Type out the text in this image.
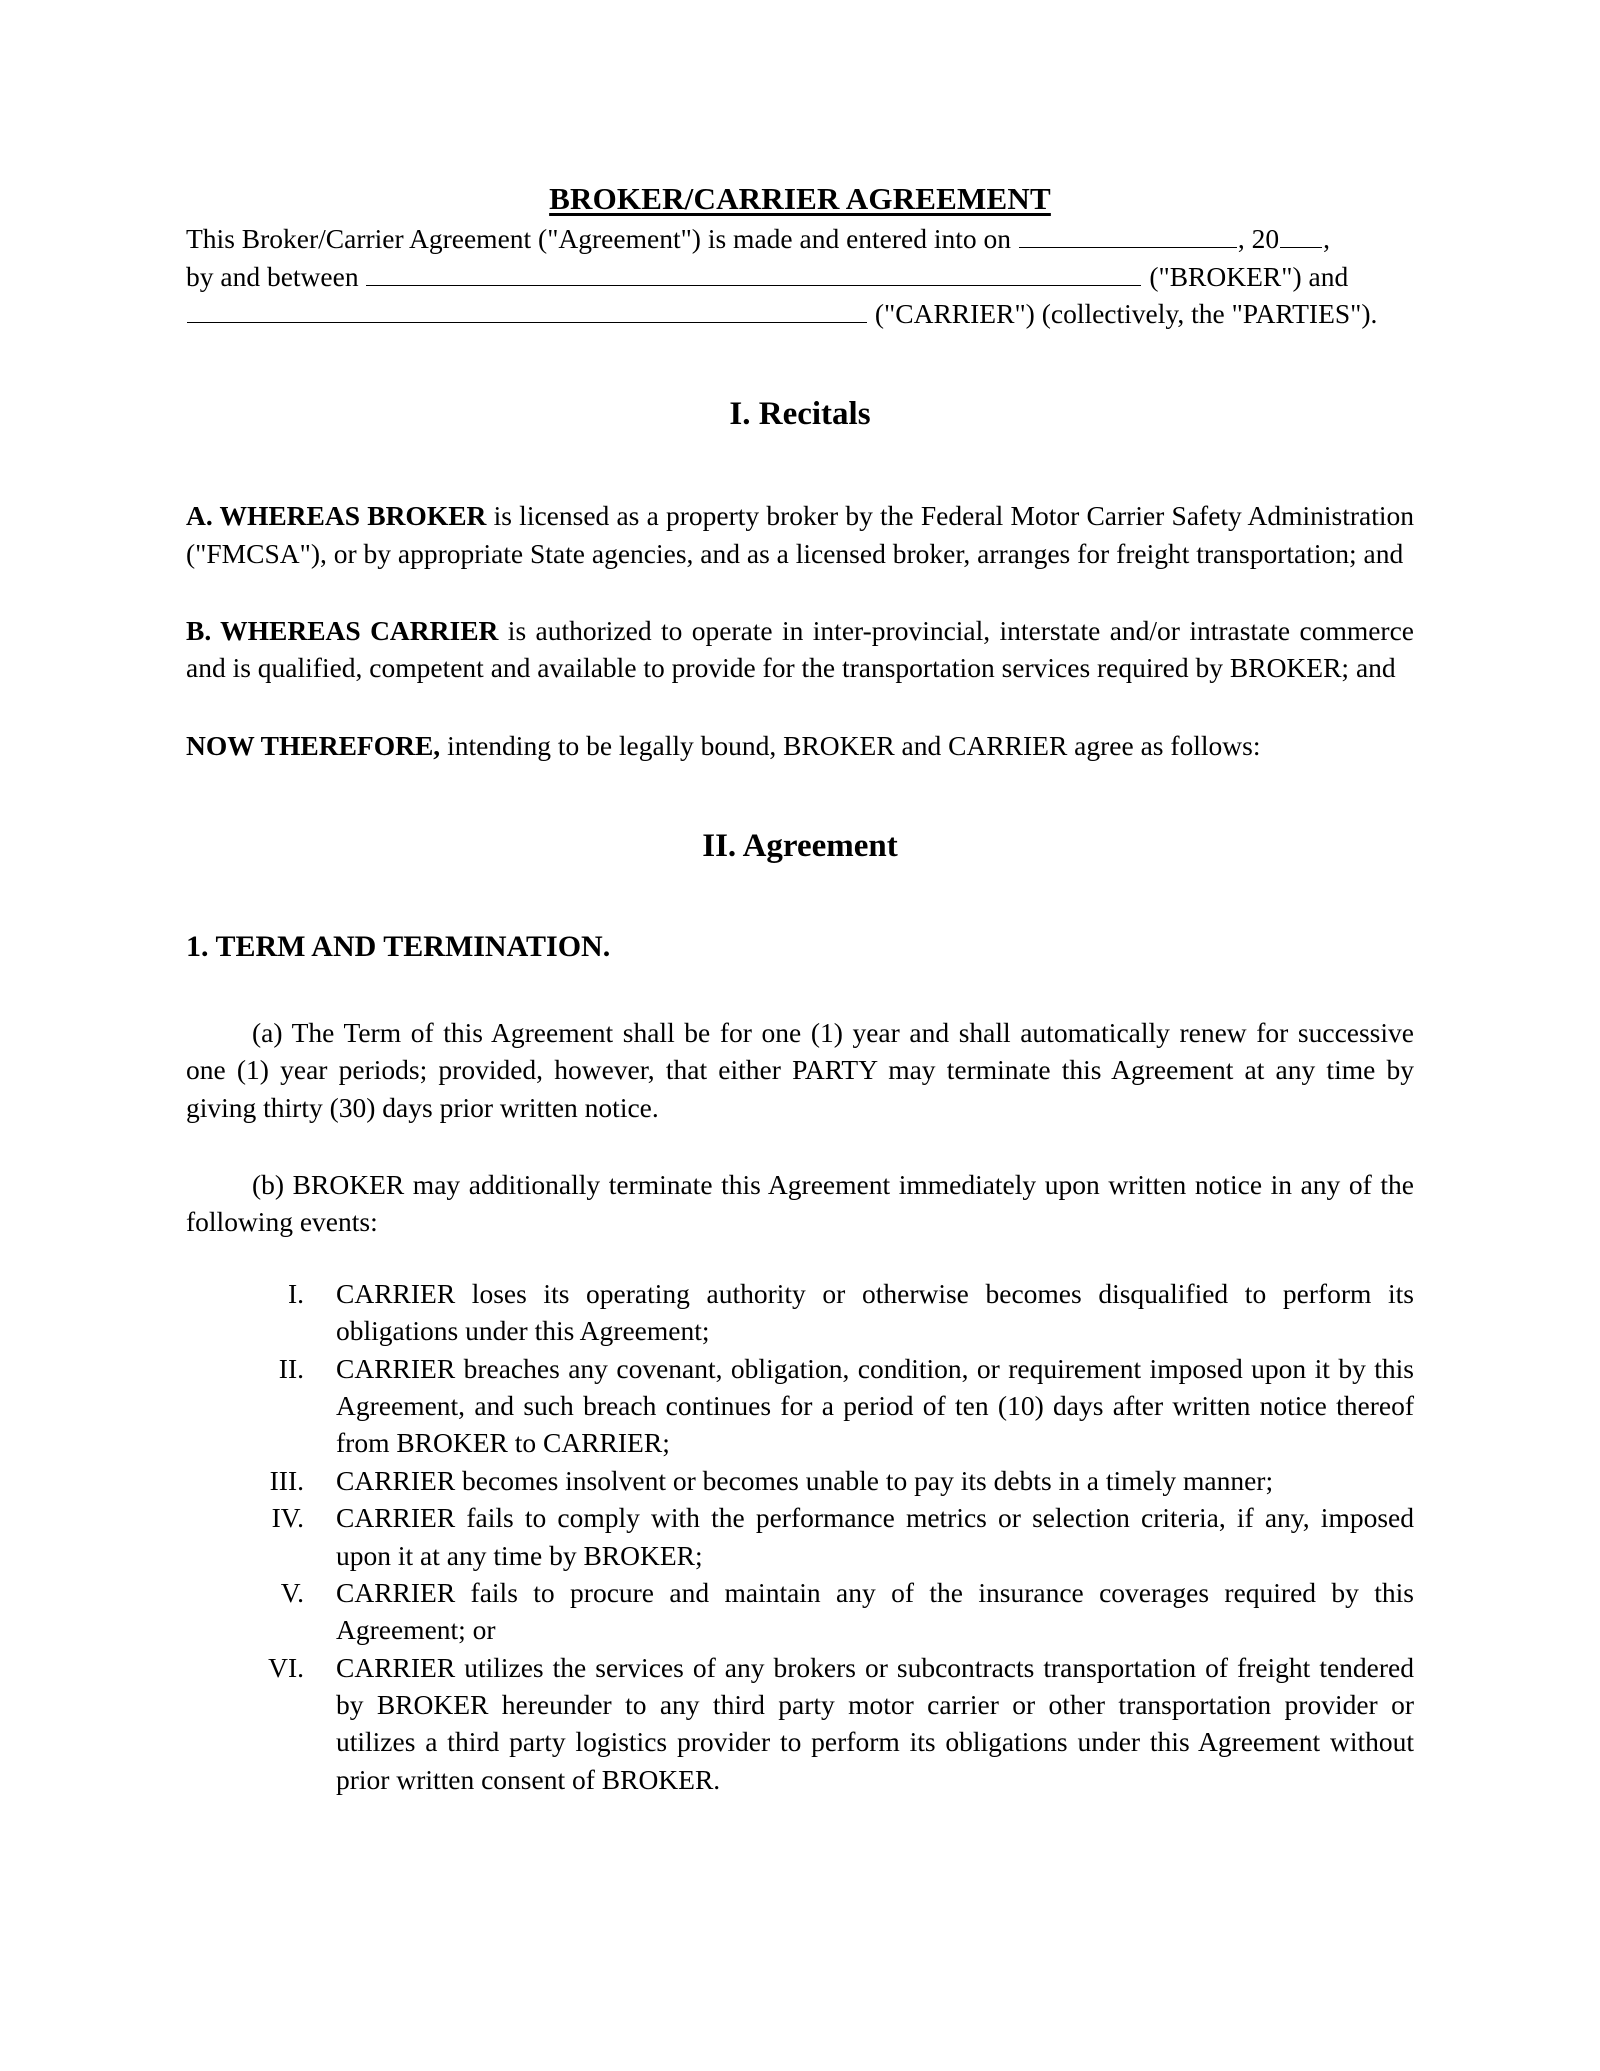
BROKER/CARRIER AGREEMENT

This Broker/Carrier Agreement ("Agreement") is made and entered into on	, 20 ,
by and between	("BROKER") and
("CARRIER") (collectively, the "PARTIES").

I. Recitals

A. WHEREAS BROKER is licensed as a property broker by the Federal Motor Carrier Safety Administration ("FMCSA"), or by appropriate State agencies, and as a licensed broker, arranges for freight transportation; and

B. WHEREAS CARRIER is authorized to operate in inter-provincial, interstate and/or intrastate commerce and is qualified, competent and available to provide for the transportation services required by BROKER; and

NOW THEREFORE, intending to be legally bound, BROKER and CARRIER agree as follows:

II. Agreement
1. TERM AND TERMINATION.

(a) The Term of this Agreement shall be for one (1) year and shall automatically renew for successive one (1) year periods; provided, however, that either PARTY may terminate this Agreement at any time by giving thirty (30) days prior written notice.

(b) BROKER may additionally terminate this Agreement immediately upon written notice in any of the following events:

I. CARRIER loses its operating authority or otherwise becomes disqualified to perform its obligations under this Agreement;
II. CARRIER breaches any covenant, obligation, condition, or requirement imposed upon it by this Agreement, and such breach continues for a period of ten (10) days after written notice thereof from BROKER to CARRIER;
III. CARRIER becomes insolvent or becomes unable to pay its debts in a timely manner;
IV. CARRIER fails to comply with the performance metrics or selection criteria, if any, imposed upon it at any time by BROKER;
V. CARRIER fails to procure and maintain any of the insurance coverages required by this Agreement; or
VI. CARRIER utilizes the services of any brokers or subcontracts transportation of freight tendered by BROKER hereunder to any third party motor carrier or other transportation provider or utilizes a third party logistics provider to perform its obligations under this Agreement without prior written consent of BROKER.
